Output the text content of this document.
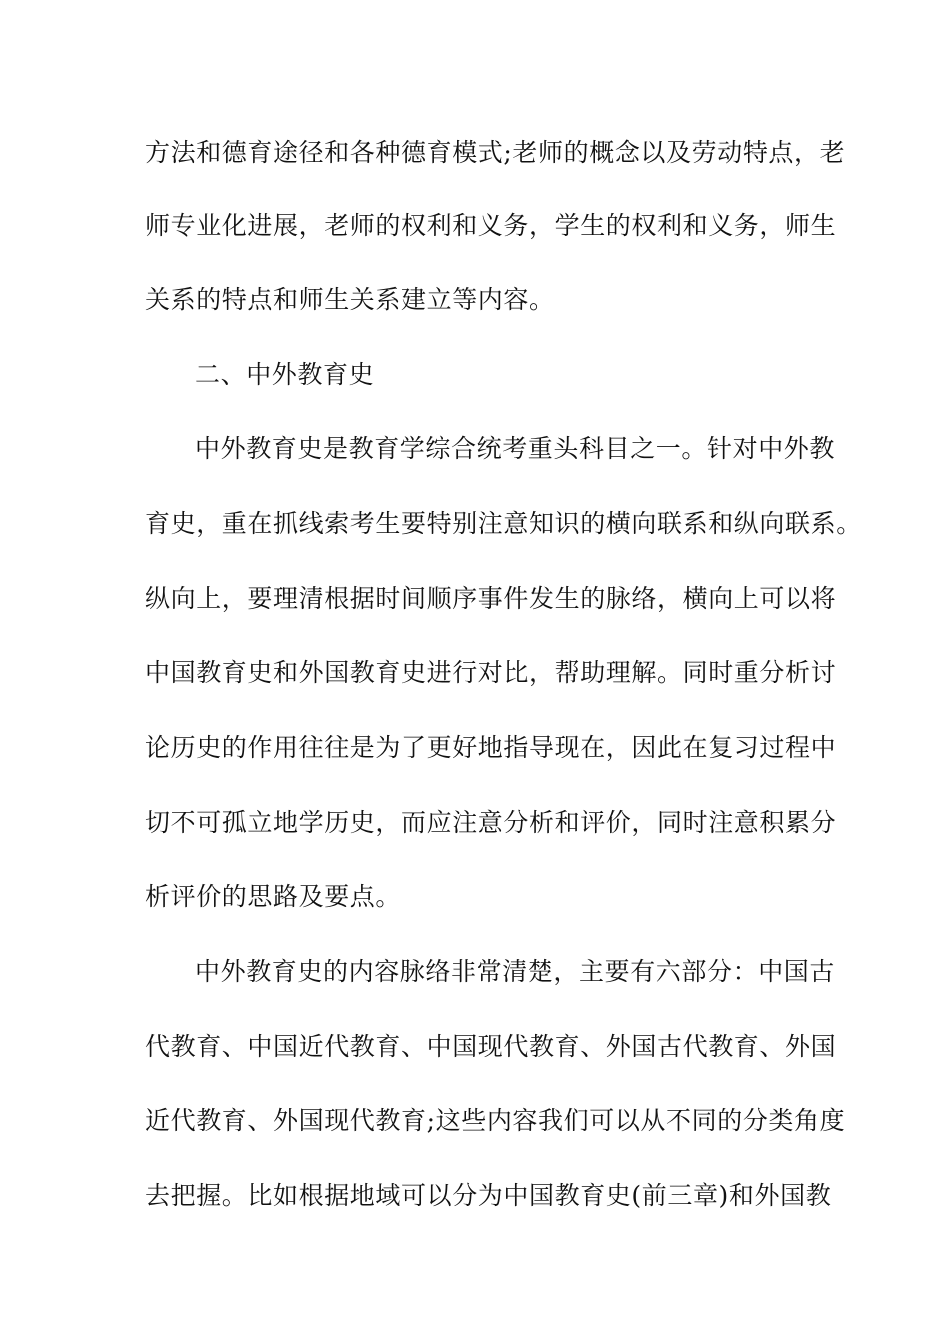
方法和德育途径和各种德育模式;老师的概念以及劳动特点，老
师专业化进展，老师的权利和义务，学生的权利和义务，师生
关系的特点和师生关系建立等内容。
二、中外教育史
中外教育史是教育学综合统考重头科目之一。针对中外教
育史，重在抓线索考生要特别注意知识的横向联系和纵向联系。
纵向上，要理清根据时间顺序事件发生的脉络，横向上可以将
中国教育史和外国教育史进行对比，帮助理解。同时重分析讨
论历史的作用往往是为了更好地指导现在，因此在复习过程中
切不可孤立地学历史，而应注意分析和评价，同时注意积累分
析评价的思路及要点。
中外教育史的内容脉络非常清楚，主要有六部分：中国古
代教育、中国近代教育、中国现代教育、外国古代教育、外国
近代教育、外国现代教育;这些内容我们可以从不同的分类角度
去把握。比如根据地域可以分为中国教育史(前三章)和外国教
